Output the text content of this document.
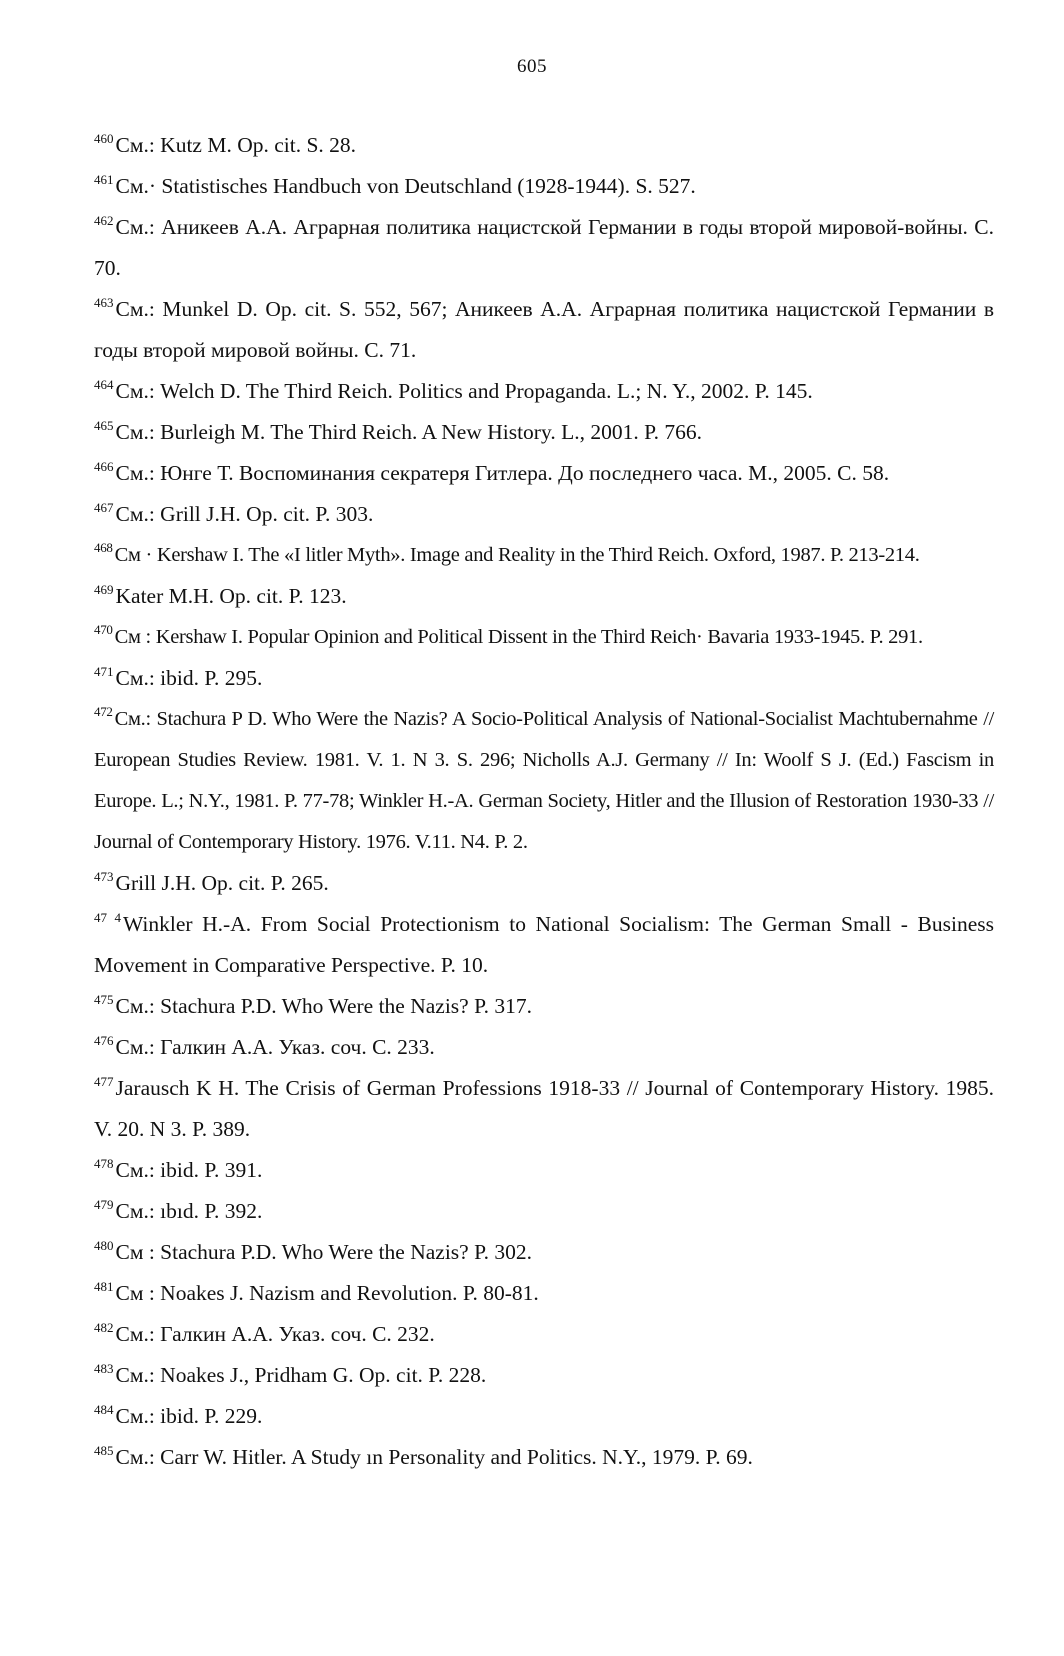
605

$^{460}$См.: Kutz M. Op. cit. S. 28.

$^{461}$См.· Statistisches Handbuch von Deutschland (1928-1944). S. 527.

$^{462}$См.: Аникеев А.А. Аграрная политика нацистской Германии в годы второй мировой-войны. С. 70.

$^{463}$См.: Munkel D. Op. cit. S. 552, 567; Аникеев А.А. Аграрная политика нацистской Германии в годы второй мировой войны. С. 71.

$^{464}$См.: Welch D. The Third Reich. Politics and Propaganda. L.; N. Y., 2002. P. 145.

$^{465}$См.: Burleigh M. The Third Reich. A New History. L., 2001. P. 766.

$^{466}$См.: Юнге Т. Воспоминания секратеря Гитлера. До последнего часа. М., 2005. С. 58.

$^{467}$См.: Grill J.H. Op. cit. P. 303.

$^{468}$См · Kershaw I. The «I litler Myth». Image and Reality in the Third Reich. Oxford, 1987. P. 213-214.

$^{469}$Kater M.H. Op. cit. P. 123.

$^{470}$См : Kershaw I. Popular Opinion and Political Dissent in the Third Reich· Bavaria 1933-1945. P. 291.

$^{471}$См.: ibid. P. 295.

$^{472}$См.: Stachura P D. Who Were the Nazis? A Socio-Political Analysis of National-Socialist Machtubernahme // European Studies Review. 1981. V. 1. N 3. S. 296; Nicholls A.J. Germany // In: Woolf S J. (Ed.) Fascism in Europe. L.; N.Y., 1981. P. 77-78; Winkler H.-A. German Society, Hitler and the Illusion of Restoration 1930-33 // Journal of Contemporary History. 1976. V.11. N4. P. 2.

$^{473}$Grill J.H. Op. cit. P. 265.

$^{47 4}$Winkler H.-A. From Social Protectionism to National Socialism: The German Small - Business Movement in Comparative Perspective. P. 10.

$^{475}$См.: Stachura P.D. Who Were the Nazis? P. 317.

$^{476}$См.: Галкин А.А. Указ. соч. С. 233.

$^{477}$Jarausch K H. The Crisis of German Professions 1918-33 // Journal of Contemporary History. 1985. V. 20. N 3. P. 389.

$^{478}$См.: ibid. P. 391.

$^{479}$См.: ıbıd. P. 392.

$^{480}$См : Stachura P.D. Who Were the Nazis? P. 302.

$^{481}$См : Noakes J. Nazism and Revolution. P. 80-81.

$^{482}$См.: Галкин А.А. Указ. соч. С. 232.

$^{483}$См.: Noakes J., Pridham G. Op. cit. P. 228.

$^{484}$См.: ibid. P. 229.

$^{485}$См.: Carr W. Hitler. A Study ın Personality and Politics. N.Y., 1979. P. 69.
